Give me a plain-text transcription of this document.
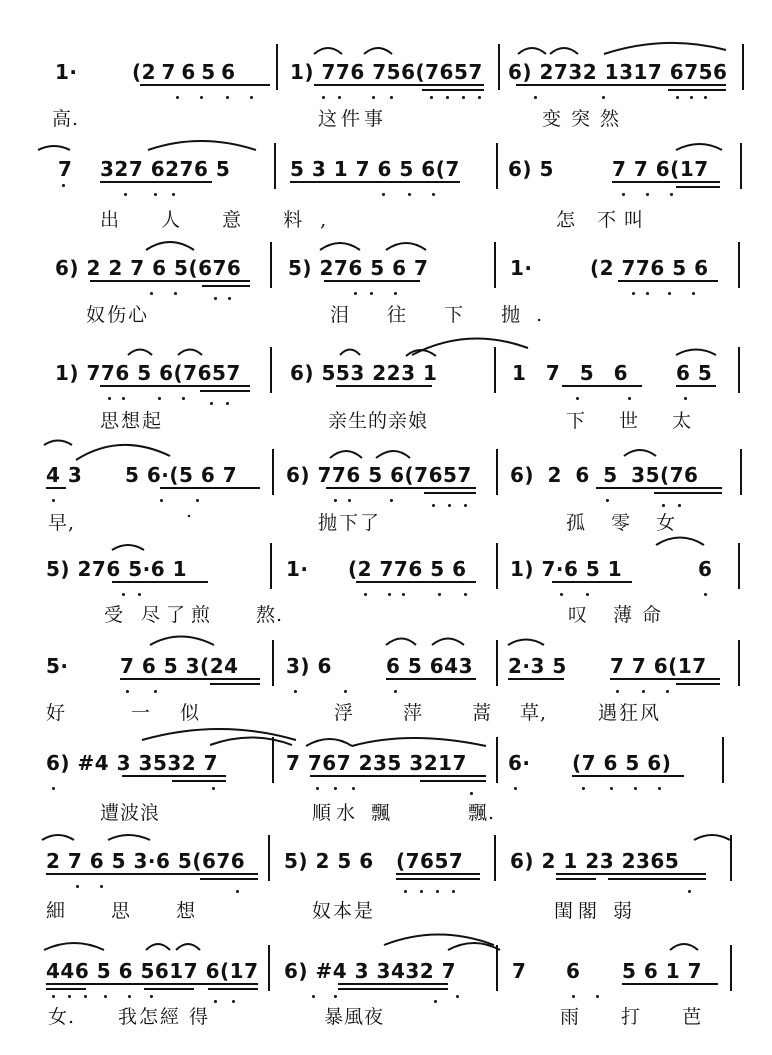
1·	(2 7 6 5 6	1) 776 756(7657 6) 2732 1317 6756
高.	这件事	变突然
7 327 6276 5	5 3 1 7 6 5 6(7 6) 5	7 7 6(17
出 人 意 料,	怎 不叫
6) 2 2 7 6 5(676 5) 276 5 6 7	1·	(2 776 5 6
奴伤心	泪 往 下 抛.
1) 776 5 6(7657 6) 553 223 1	1 7 5 6 6 5
思想起	亲生的亲娘	下 世 太
4 3 5 6·(5 6 7 6) 776 5 6(7657 6) 2 6 5 35(76
早,
.
抛下了	孤 零 女
5) 276 5·6 1	1· (2 776 5 6 1) 7·6 5 1	6
受 尽了煎 熬.	叹 薄命
5·	7 6 5 3(24 3) 6	6 5 643 2·3 5 7 7 6(17
好 一似	浮 萍 蒿 草,	遇狂风
6) #4 3 3532 7	7 767 235 3217 6· (7 6 5 6)
遭波浪	順水 飄	飄.
2 7 6 5 3·6 5(676 5) 2 5 6 (7657 6) 2 1 23 2365
細 思 想	奴本是	閨閣 弱
446 5 6 5617 6(17 6) #4 3 3432 7	7 6 5 6 1 7
女. 我怎經 得	暴風夜	雨 打 芭
